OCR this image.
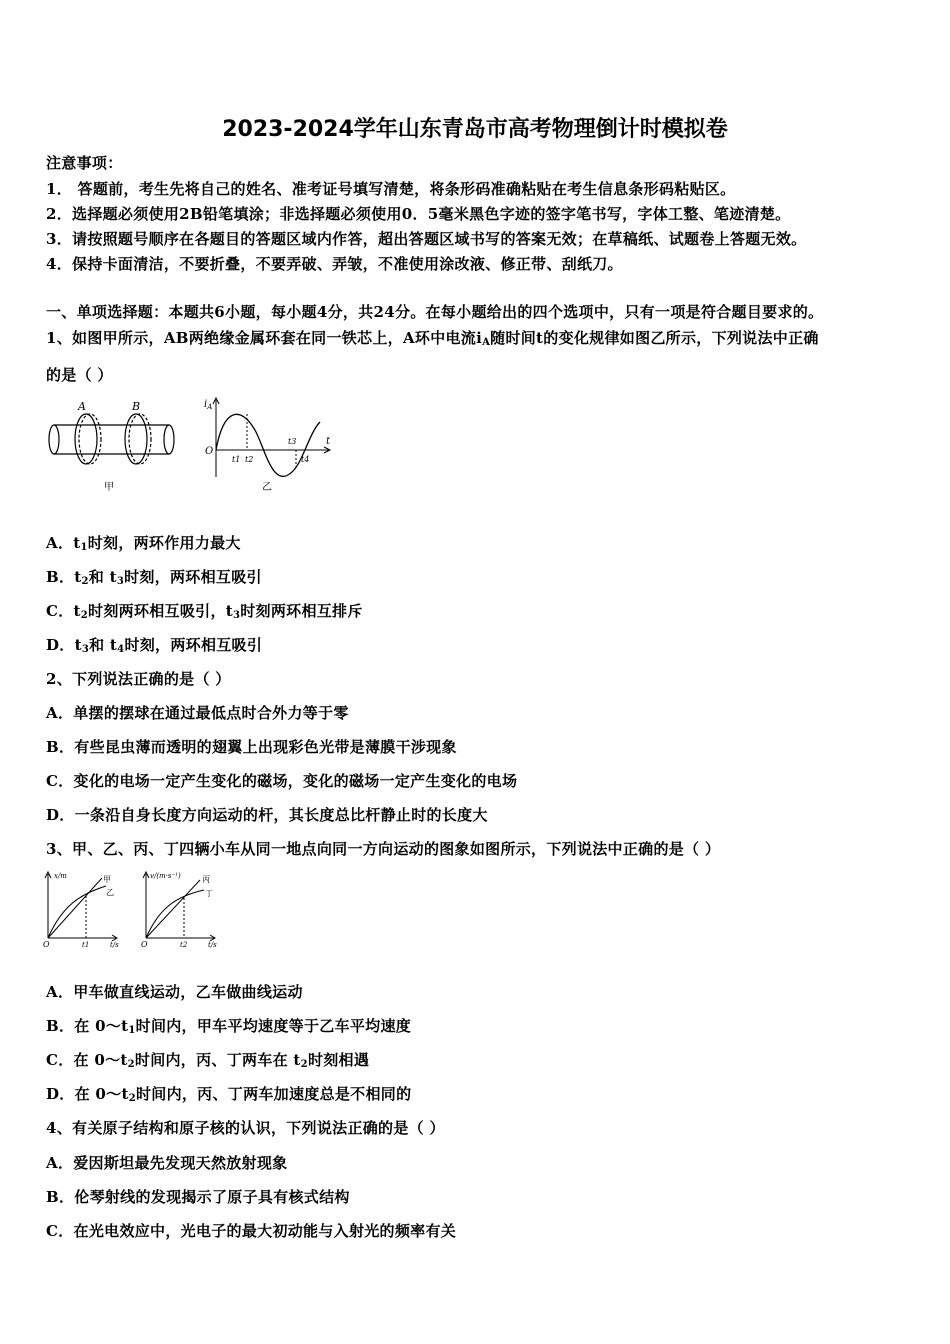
2023-2024学年山东青岛市高考物理倒计时模拟卷
注意事项：
1． 答题前，考生先将自己的姓名、准考证号填写清楚，将条形码准确粘贴在考生信息条形码粘贴区。
2．选择题必须使用2B铅笔填涂；非选择题必须使用0．5毫米黑色字迹的签字笔书写，字体工整、笔迹清楚。
3．请按照题号顺序在各题目的答题区域内作答，超出答题区域书写的答案无效；在草稿纸、试题卷上答题无效。
4．保持卡面清洁，不要折叠，不要弄破、弄皱，不准使用涂改液、修正带、刮纸刀。
一、单项选择题：本题共6小题，每小题4分，共24分。在每小题给出的四个选项中，只有一项是符合题目要求的。
1、如图甲所示，AB两绝缘金属环套在同一铁芯上，A环中电流$i_A$随时间t的变化规律如图乙所示，下列说法中正确
的是（ ）
A	B
甲
$i_A$
O
t
t1 t2
t3
t4
乙
A．$t_1$时刻，两环作用力最大
B．$t_2$和 $t_3$时刻，两环相互吸引
C．$t_2$时刻两环相互吸引，$t_3$时刻两环相互排斥
D．$t_3$和 $t_4$时刻，两环相互吸引
2、下列说法正确的是（ ）
A．单摆的摆球在通过最低点时合外力等于零
B．有些昆虫薄而透明的翅翼上出现彩色光带是薄膜干涉现象
C．变化的电场一定产生变化的磁场，变化的磁场一定产生变化的电场
D．一条沿自身长度方向运动的杆，其长度总比杆静止时的长度大
3、甲、乙、丙、丁四辆小车从同一地点向同一方向运动的图象如图所示，下列说法中正确的是（ ）
x/m	甲
乙
O	t1	t/s
v/(m·s⁻¹)	丙
丁
O	t2	t/s
A．甲车做直线运动，乙车做曲线运动
B．在 $0\sim t_1$时间内，甲车平均速度等于乙车平均速度
C．在 $0\sim t_2$时间内，丙、丁两车在 $t_2$时刻相遇
D．在 $0\sim t_2$时间内，丙、丁两车加速度总是不相同的
4、有关原子结构和原子核的认识，下列说法正确的是（ ）
A．爱因斯坦最先发现天然放射现象
B．伦琴射线的发现揭示了原子具有核式结构
C．在光电效应中，光电子的最大初动能与入射光的频率有关
